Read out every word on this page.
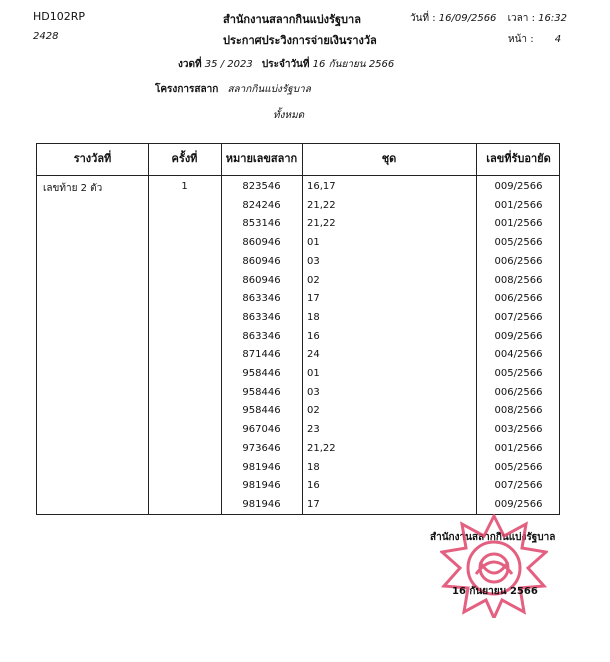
HD102RP
2428
สำนักงานสลากกินแบ่งรัฐบาล
ประกาศประวิงการจ่ายเงินรางวัล
วันที่ : 16/09/2566 เวลา : 16:32
หน้า : 4
งวดที่ 35 / 2023 ประจำวันที่ 16 กันยายน 2566
โครงการสลาก สลากกินแบ่งรัฐบาล
ทั้งหมด
รางวัลที่	ครั้งที่	หมายเลขสลาก	ชุด	เลขที่รับอายัด
เลขท้าย 2 ตัว	1	823546	16,17	009/2566
824246	21,22	001/2566
853146	21,22	001/2566
860946	01	005/2566
860946	03	006/2566
860946	02	008/2566
863346	17	006/2566
863346	18	007/2566
863346	16	009/2566
871446	24	004/2566
958446	01	005/2566
958446	03	006/2566
958446	02	008/2566
967046	23	003/2566
973646	21,22	001/2566
981946	18	005/2566
981946	16	007/2566
981946	17	009/2566
สำนักงานสลากกินแบ่งรัฐบาล
16 กันยายน 2566
